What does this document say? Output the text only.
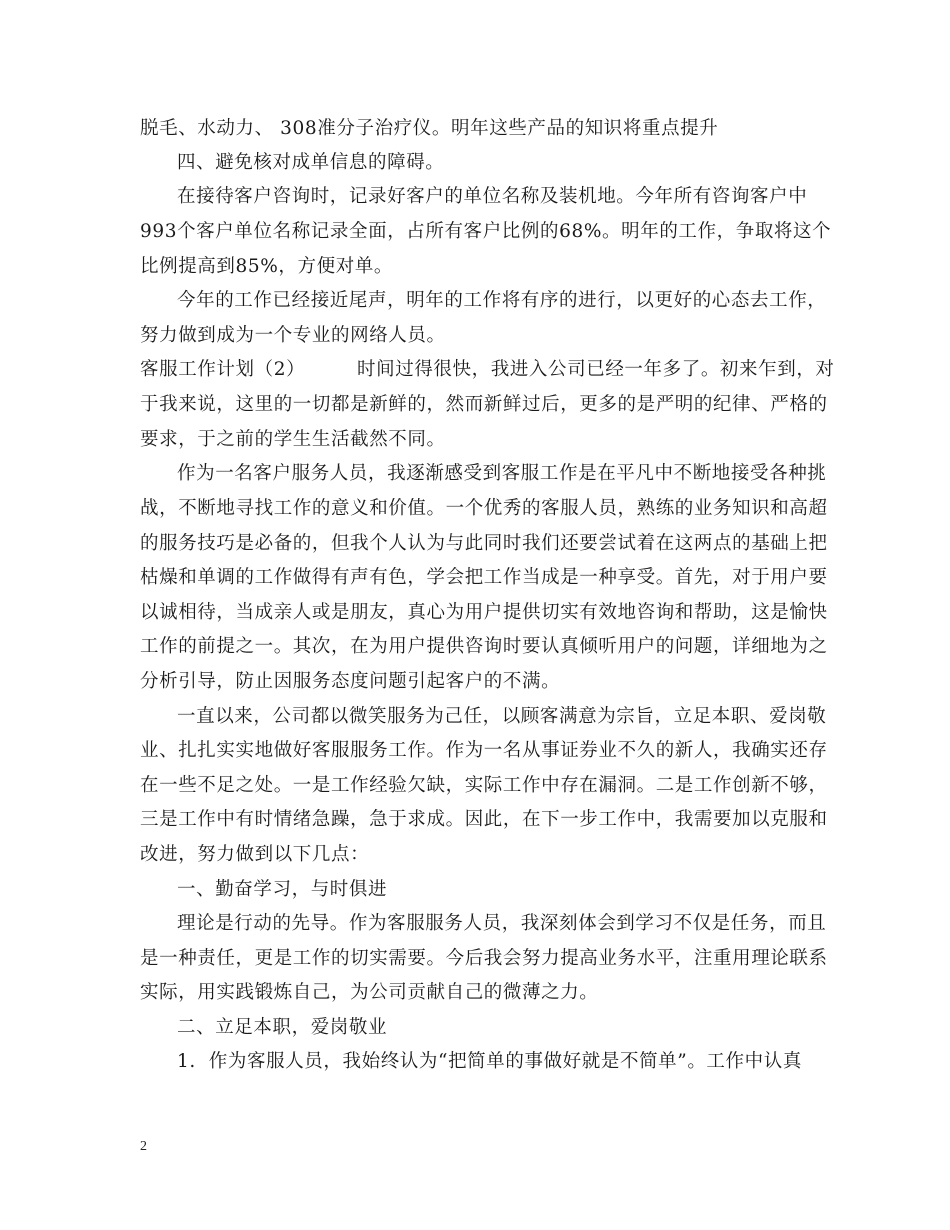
脱毛、水动力、 308准分子治疗仪。明年这些产品的知识将重点提升
四、避免核对成单信息的障碍。
在接待客户咨询时，记录好客户的单位名称及装机地。今年所有咨询客户中
993个客户单位名称记录全面，占所有客户比例的68%。明年的工作，争取将这个
比例提高到85%，方便对单。
今年的工作已经接近尾声，明年的工作将有序的进行，以更好的心态去工作，
努力做到成为一个专业的网络人员。
客服工作计划（2）        时间过得很快，我进入公司已经一年多了。初来乍到，对
于我来说，这里的一切都是新鲜的，然而新鲜过后，更多的是严明的纪律、严格的
要求，于之前的学生生活截然不同。
作为一名客户服务人员，我逐渐感受到客服工作是在平凡中不断地接受各种挑
战，不断地寻找工作的意义和价值。一个优秀的客服人员，熟练的业务知识和高超
的服务技巧是必备的，但我个人认为与此同时我们还要尝试着在这两点的基础上把
枯燥和单调的工作做得有声有色，学会把工作当成是一种享受。首先，对于用户要
以诚相待，当成亲人或是朋友，真心为用户提供切实有效地咨询和帮助，这是愉快
工作的前提之一。其次，在为用户提供咨询时要认真倾听用户的问题，详细地为之
分析引导，防止因服务态度问题引起客户的不满。
一直以来，公司都以微笑服务为己任，以顾客满意为宗旨，立足本职、爱岗敬
业、扎扎实实地做好客服服务工作。作为一名从事证券业不久的新人，我确实还存
在一些不足之处。一是工作经验欠缺，实际工作中存在漏洞。二是工作创新不够，
三是工作中有时情绪急躁，急于求成。因此，在下一步工作中，我需要加以克服和
改进，努力做到以下几点：
一、勤奋学习，与时俱进
理论是行动的先导。作为客服服务人员，我深刻体会到学习不仅是任务，而且
是一种责任，更是工作的切实需要。今后我会努力提高业务水平，注重用理论联系
实际，用实践锻炼自己，为公司贡献自己的微薄之力。
二、立足本职，爱岗敬业
1.  作为客服人员，我始终认为“把简单的事做好就是不简单”。工作中认真
2
